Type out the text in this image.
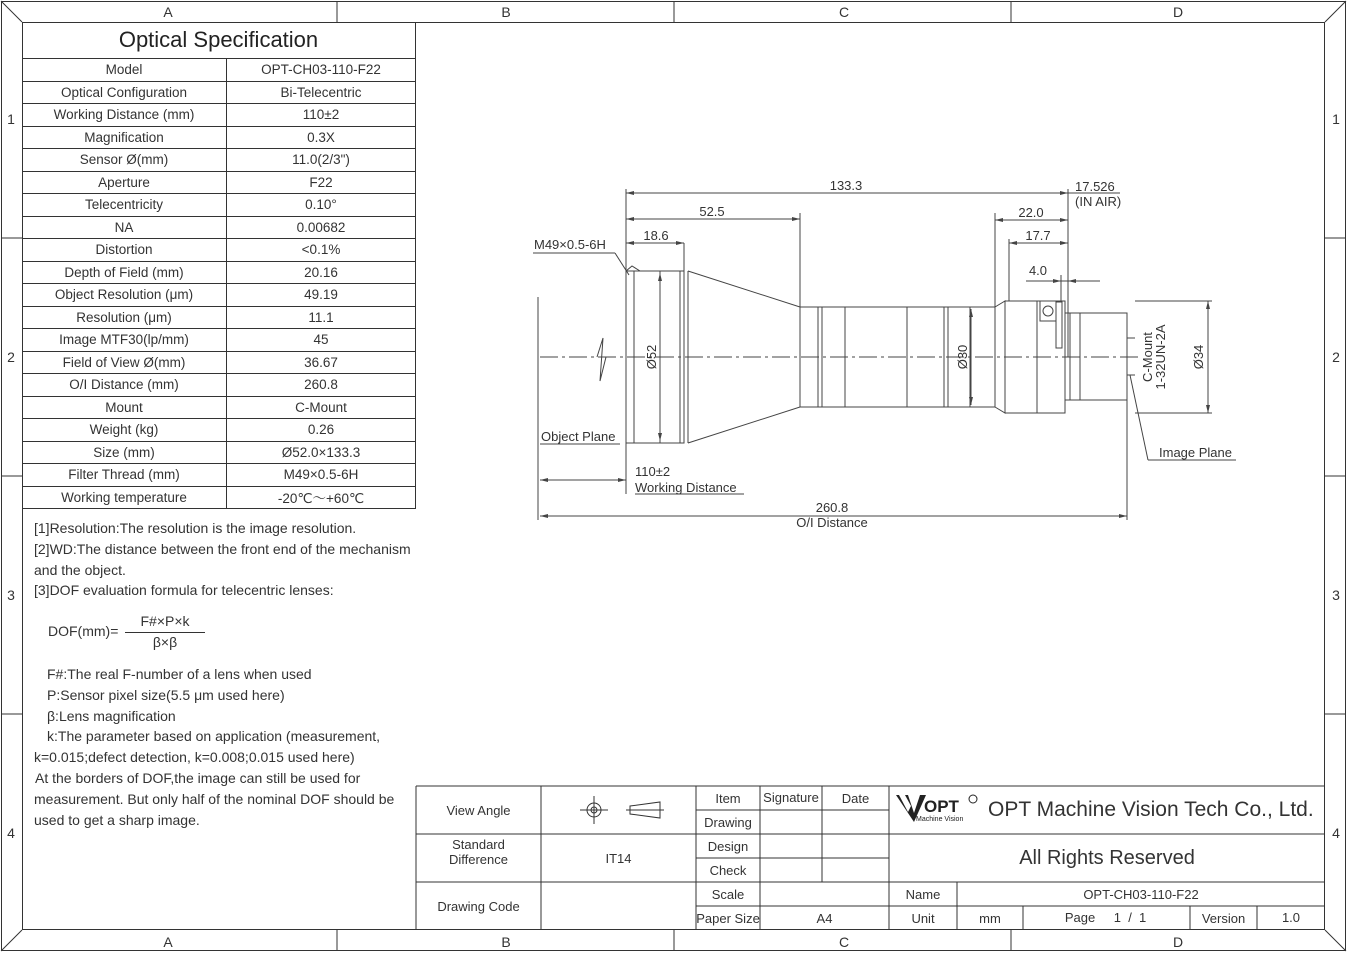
A	B	C	D
A	B	C	D
1
2
3
4
1
2
3
4
Optical Specification	
Model	OPT-CH03-110-F22
Optical Configuration	Bi-Telecentric
Working Distance (mm)	110±2
Magnification	0.3X
Sensor Ø(mm)	11.0(2/3")
Aperture	F22
Telecentricity	0.10°
NA	0.00682
Distortion	<0.1%
Depth of Field (mm)	20.16
Object Resolution (μm)	49.19
Resolution (μm)	11.1
Image MTF30(lp/mm)	45
Field of View Ø(mm)	36.67
O/I Distance (mm)	260.8
Mount	C-Mount
Weight (kg)	0.26
Size (mm)	Ø52.0×133.3
Filter Thread (mm)	M49×0.5-6H
Working temperature	-20℃～+60℃

[1]Resolution:The resolution is the image resolution.

[2]WD:The distance between the front end of the mechanism

and the object.

[3]DOF evaluation formula for telecentric lenses:

DOF(mm)=
F#×P×k
β×β

F#:The real F-number of a lens when used

P:Sensor pixel size(5.5 μm used here)

β:Lens magnification

k:The parameter based on application (measurement,

k=0.015;defect detection, k=0.008;0.015 used here)

At the borders of DOF,the image can still be used for

measurement. But only half of the nominal DOF should be

used to get a sharp image.

133.3	17.526
(IN AIR)
52.5	22.0
18.6	17.7
4.0
M49×0.5-6H
Ø52	Ø30	Ø34
C-Mount
1-32UN-2A
Object Plane
Image Plane
110±2
Working Distance
260.8
O/I Distance
OPT
Machine Vision
View Angle
Standard
Difference	IT14
Drawing Code
Item	Signature	Date
Drawing
Design
Check
Scale
Paper Size	A4
OPT Machine Vision Tech Co., Ltd.
All Rights Reserved
Name	OPT-CH03-110-F22
Unit	mm	Page	1  /  1	Version	1.0
